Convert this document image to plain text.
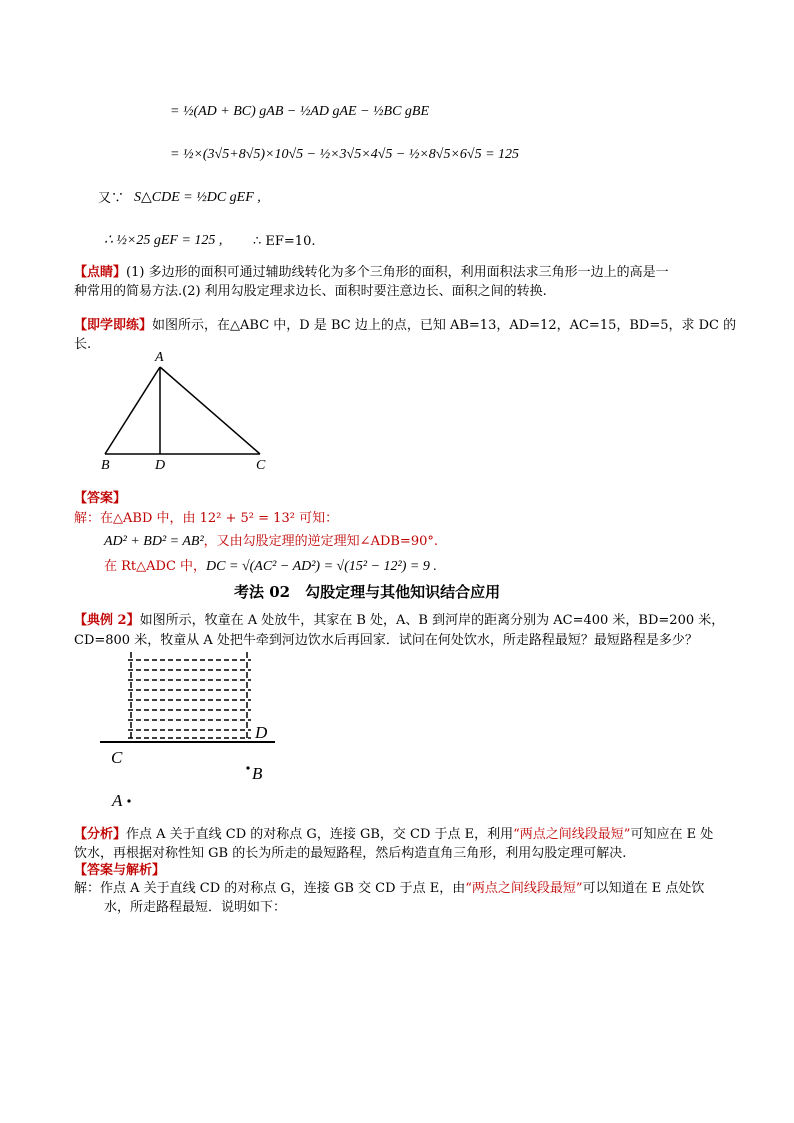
= ½(AD + BC) gAB − ½AD gAE − ½BC gBE
= ½×(3√5+8√5)×10√5 − ½×3√5×4√5 − ½×8√5×6√5 = 125
又∵ S△CDE = ½DC gEF ,
∴ ½×25 gEF = 125 , ∴ EF=10.
【点睛】(1) 多边形的面积可通过辅助线转化为多个三角形的面积，利用面积法求三角形一边上的高是一
种常用的简易方法.(2) 利用勾股定理求边长、面积时要注意边长、面积之间的转换.
【即学即练】如图所示，在△ABC 中，D 是 BC 边上的点，已知 AB=13，AD=12，AC=15，BD=5，求 DC 的
长.
A
B	D	C
【答案】
解：在△ABD 中，由 12² + 5² = 13² 可知：
AD² + BD² = AB²，又由勾股定理的逆定理知∠ADB=90°.
在 Rt△ADC 中，DC = √(AC² − AD²) = √(15² − 12²) = 9 .
考法 02　勾股定理与其他知识结合应用
【典例 2】如图所示，牧童在 A 处放牛，其家在 B 处，A、B 到河岸的距离分别为 AC=400 米，BD=200 米，
CD=800 米，牧童从 A 处把牛牵到河边饮水后再回家．试问在何处饮水，所走路程最短？最短路程是多少？
D
C
B
A
【分析】作点 A 关于直线 CD 的对称点 G，连接 GB，交 CD 于点 E，利用“两点之间线段最短”可知应在 E 处
饮水，再根据对称性知 GB 的长为所走的最短路程，然后构造直角三角形，利用勾股定理可解决.
【答案与解析】
解：作点 A 关于直线 CD 的对称点 G，连接 GB 交 CD 于点 E，由“两点之间线段最短”可以知道在 E 点处饮
水，所走路程最短．说明如下：
